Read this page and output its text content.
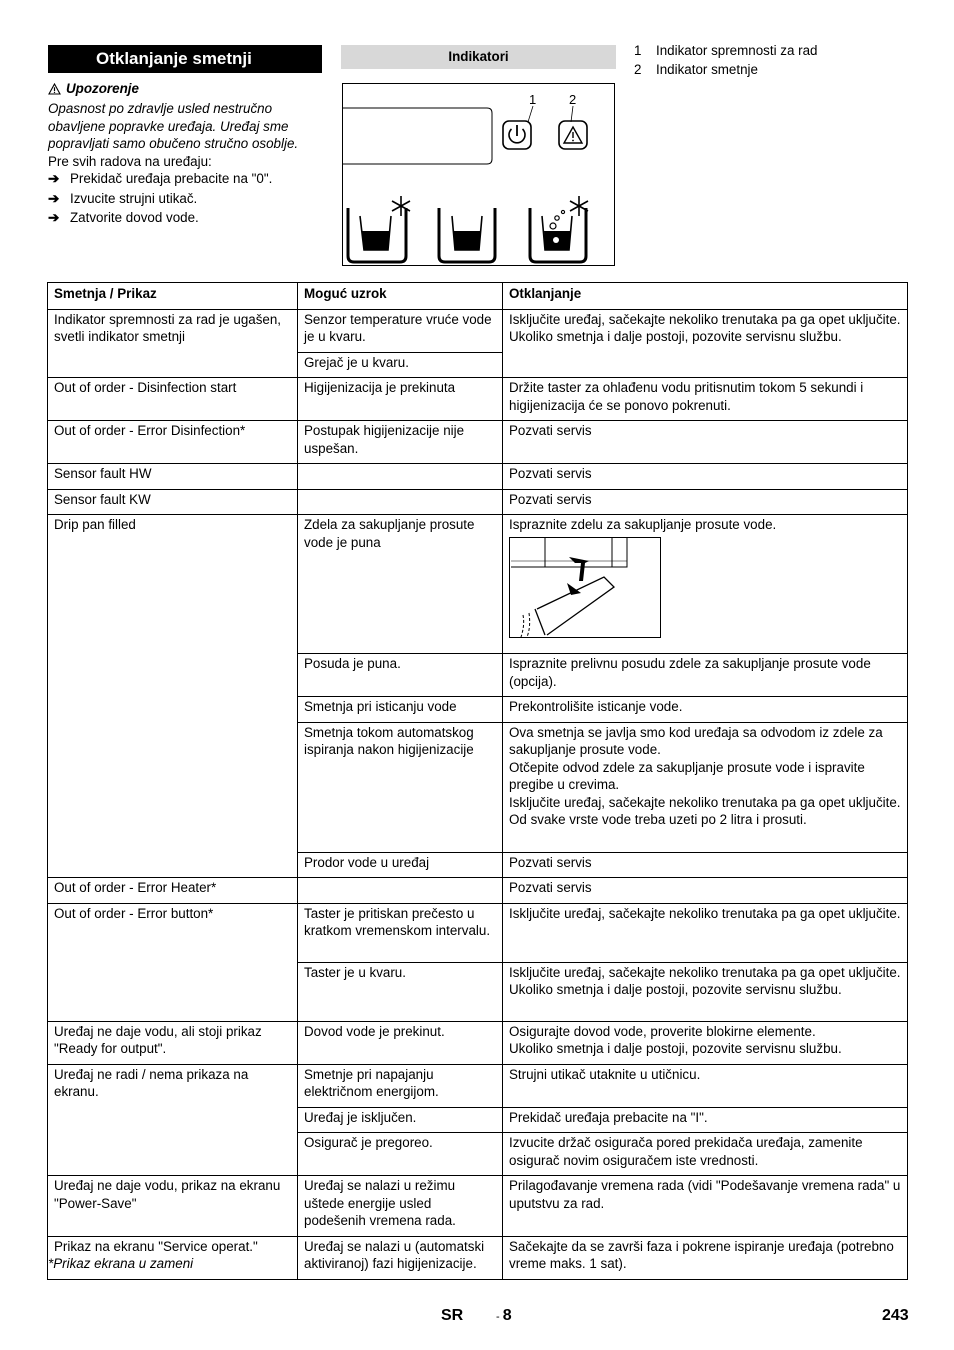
Otklanjanje smetnji
Upozorenje
Opasnost po zdravlje usled nestručno obavljene popravke uređaja. Uređaj sme popravljati samo obučeno stručno osoblje.
Pre svih radova na uređaju:
➔ Prekidač uređaja prebacite na "0".
➔ Izvucite strujni utikač.
➔ Zatvorite dovod vode.
Indikatori
1	2
1	Indikator spremnosti za rad
2	Indikator smetnje
Smetnja / Prikaz	Moguć uzrok	Otklanjanje
Indikator spremnosti za rad je ugašen, svetli indikator smetnji	Senzor temperature vruće vode je u kvaru.	Isključite uređaj, sačekajte nekoliko trenutaka pa ga opet uključite.
Ukoliko smetnja i dalje postoji, pozovite servisnu službu.
	Grejač je u kvaru.	
Out of order - Disinfection start	Higijenizacija je prekinuta	Držite taster za ohlađenu vodu pritisnutim tokom 5 sekundi i higijenizacija će se ponovo pokrenuti.
Out of order - Error Disinfection*	Postupak higijenizacije nije uspešan.	Pozvati servis
Sensor fault HW		Pozvati servis
Sensor fault KW		Pozvati servis
Drip pan filled	Zdela za sakupljanje prosute vode je puna	Ispraznite zdelu za sakupljanje prosute vode.

	Posuda je puna.	Ispraznite prelivnu posudu zdele za sakupljanje prosute vode (opcija).
	Smetnja pri isticanju vode	Prekontrolišite isticanje vode.
	Smetnja tokom automatskog ispiranja nakon higijenizacije	Ova smetnja se javlja smo kod uređaja sa odvodom iz zdele za sakupljanje prosute vode.
Otčepite odvod zdele za sakupljanje prosute vode i ispravite pregibe u crevima.
Isključite uređaj, sačekajte nekoliko trenutaka pa ga opet uključite.
Od svake vrste vode treba uzeti po 2 litra i prosuti.
	Prodor vode u uređaj	Pozvati servis
Out of order - Error Heater*		Pozvati servis
Out of order - Error button*	Taster je pritiskan prečesto u kratkom vremenskom intervalu.	Isključite uređaj, sačekajte nekoliko trenutaka pa ga opet uključite.
	Taster je u kvaru.	Isključite uređaj, sačekajte nekoliko trenutaka pa ga opet uključite.
Ukoliko smetnja i dalje postoji, pozovite servisnu službu.
Uređaj ne daje vodu, ali stoji prikaz "Ready for output".	Dovod vode je prekinut.	Osigurajte dovod vode, proverite blokirne elemente.
Ukoliko smetnja i dalje postoji, pozovite servisnu službu.
Uređaj ne radi / nema prikaza na ekranu.	Smetnje pri napajanju električnom energijom.	Strujni utikač utaknite u utičnicu.
	Uređaj je isključen.	Prekidač uređaja prebacite na "I".
	Osigurač je pregoreo.	Izvucite držač osigurača pored prekidača uređaja, zamenite osigurač novim osiguračem iste vrednosti.
Uređaj ne daje vodu, prikaz na ekranu "Power-Save"	Uređaj se nalazi u režimu uštede energije usled podešenih vremena rada.	Prilagođavanje vremena rada (vidi "Podešavanje vremena rada" u uputstvu za rad.
Prikaz na ekranu "Service operat."	Uređaj se nalazi u (automatski aktiviranoj) fazi higijenizacije.	Sačekajte da se završi faza i pokrene ispiranje uređaja (potrebno vreme maks. 1 sat).
*Prikaz ekrana u zameni
SR	- 8	243
